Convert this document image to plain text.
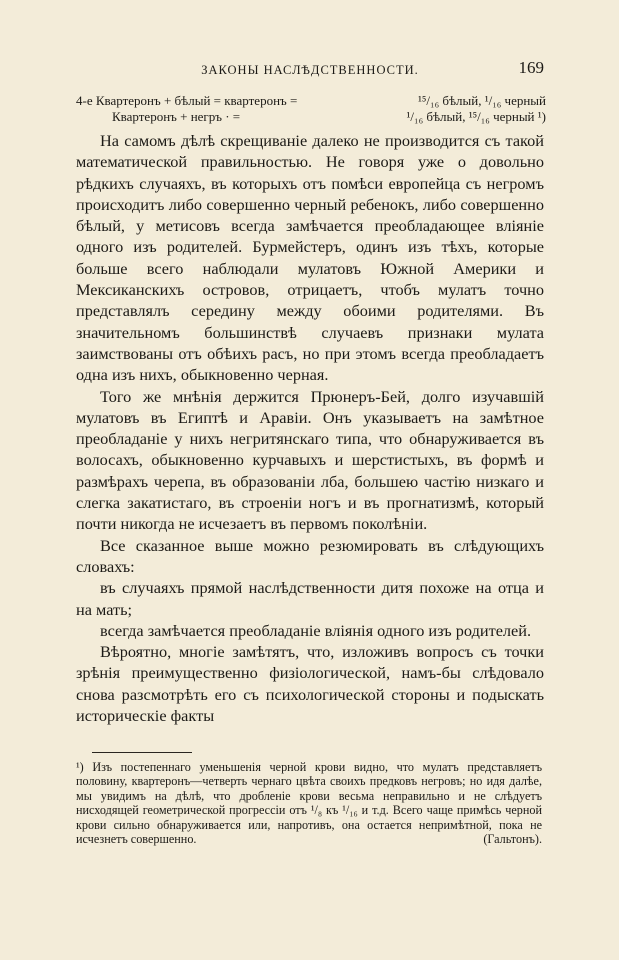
ЗАКОНЫ НАСЛѢДСТВЕННОСТИ.	169
4-е Квартеронъ + бѣлый = квартеронъ =	¹⁵/₁₆ бѣлый, ¹/₁₆ черный
Квартеронъ + негръ · =	¹/₁₆ бѣлый, ¹⁵/₁₆ черный ¹)

На самомъ дѣлѣ скрещиваніе далеко не производится съ такой математической правильностью. Не говоря уже о довольно рѣдкихъ случаяхъ, въ которыхъ отъ помѣси европейца съ негромъ происходитъ либо совершенно черный ребенокъ, либо совершенно бѣлый, у метисовъ всегда замѣчается преобладающее вліяніе одного изъ родителей. Бурмейстеръ, одинъ изъ тѣхъ, которые больше всего наблюдали мулатовъ Южной Америки и Мексиканскихъ островов, отрицаетъ, чтобъ мулатъ точно представлялъ середину между обоими родителями. Въ значительномъ большинствѣ случаевъ признаки мулата заимствованы отъ обѣихъ расъ, но при этомъ всегда преобладаетъ одна изъ нихъ, обыкновенно черная.

Того же мнѣнія держится Прюнеръ-Бей, долго изучавшій мулатовъ въ Египтѣ и Аравіи. Онъ указываетъ на замѣтное преобладаніе у нихъ негритянскаго типа, что обнаруживается въ волосахъ, обыкновенно курчавыхъ и шерстистыхъ, въ формѣ и размѣрахъ черепа, въ образованіи лба, большею частію низкаго и слегка закатистаго, въ строеніи ногъ и въ прогнатизмѣ, который почти никогда не исчезаетъ въ первомъ поколѣніи.

Все сказанное выше можно резюмировать въ слѣдующихъ словахъ:

въ случаяхъ прямой наслѣдственности дитя похоже на отца и на мать;

всегда замѣчается преобладаніе вліянія одного изъ родителей.

Вѣроятно, многіе замѣтятъ, что, изложивъ вопросъ съ точки зрѣнія преимущественно физіологической, намъ-бы слѣдовало снова разсмотрѣть его съ психологической стороны и подыскать историческіе факты

¹) Изъ постепеннаго уменьшенія черной крови видно, что мулатъ представляетъ половину, квартеронъ—четверть чернаго цвѣта своихъ предковъ негровъ; но идя далѣе, мы увидимъ на дѣлѣ, что дробленіе крови весьма неправильно и не слѣдуетъ нисходящей геометрической прогрессіи отъ ¹/₈ къ ¹/₁₆ и т.д. Всего чаще примѣсь черной крови сильно обнаруживается или, напротивъ, она остается непримѣтной, пока не исчезнетъ совершенно.	(Гальтонъ).
